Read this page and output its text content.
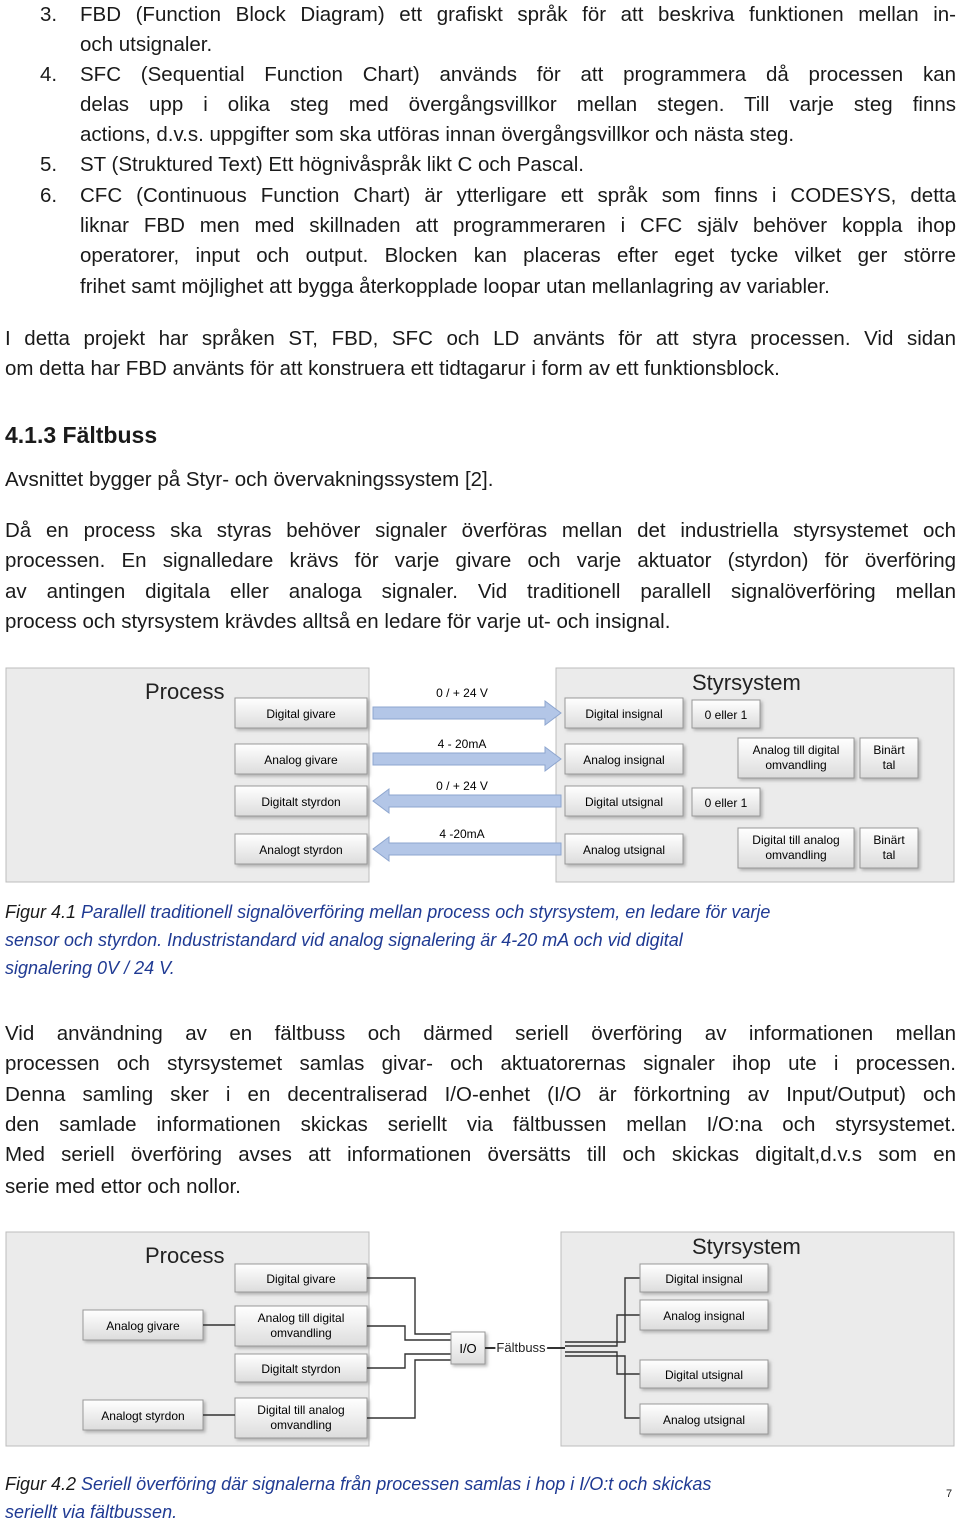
3. FBD (Function Block Diagram) ett grafiskt språk för att beskriva funktionen mellan in-
och utsignaler.
4. SFC (Sequential Function Chart) används för att programmera då processen kan
delas upp i olika steg med övergångsvillkor mellan stegen. Till varje steg finns
actions, d.v.s. uppgifter som ska utföras innan övergångsvillkor och nästa steg.
5. ST (Struktured Text) Ett högnivåspråk likt C och Pascal.
6. CFC (Continuous Function Chart) är ytterligare ett språk som finns i CODESYS, detta
liknar FBD men med skillnaden att programmeraren i CFC själv behöver koppla ihop
operatorer, input och output. Blocken kan placeras efter eget tycke vilket ger större
frihet samt möjlighet att bygga återkopplade loopar utan mellanlagring av variabler.
I detta projekt har språken ST, FBD, SFC och LD använts för att styra processen. Vid sidan
om detta har FBD använts för att konstruera ett tidtagarur i form av ett funktionsblock.
4.1.3 Fältbuss
Avsnittet bygger på Styr- och övervakningssystem [2].
Då en process ska styras behöver signaler överföras mellan det industriella styrsystemet och
processen. En signalledare krävs för varje givare och varje aktuator (styrdon) för överföring
av antingen digitala eller analoga signaler. Vid traditionell parallell signalöverföring mellan
process och styrsystem krävdes alltså en ledare för varje ut- och insignal.
Process	Styrsystem
Digital givare
Analog givare
Digitalt styrdon
Analogt styrdon
0 / + 24 V
4 - 20mA
0 / + 24 V
4 -20mA
Digital insignal
Analog insignal
Digital utsignal
Analog utsignal
0 eller 1
Analog till digital omvandling
0 eller 1
Digital till analog omvandling
Binärt tal
Binärt tal
Figur 4.1 Parallell traditionell signalöverföring mellan process och styrsystem, en ledare för varje
sensor och styrdon. Industristandard vid analog signalering är 4-20 mA och vid digital
signalering 0V / 24 V.
Vid användning av en fältbuss och därmed seriell överföring av informationen mellan
processen och styrsystemet samlas givar- och aktuatorernas signaler ihop ute i processen.
Denna samling sker i en decentraliserad I/O-enhet (I/O är förkortning av Input/Output) och
den samlade informationen skickas seriellt via fältbussen mellan I/O:na och styrsystemet.
Med seriell överföring avses att informationen översätts till och skickas digitalt,d.v.s som en
serie med ettor och nollor.
Process	Styrsystem
Digital givare
Analog givare
Digitalt styrdon
Analogt styrdon
Analog till digital omvandling
Digital till analog omvandling
I/O Fältbuss
Digital insignal
Analog insignal
Digital utsignal
Analog utsignal
Figur 4.2 Seriell överföring där signalerna från processen samlas i hop i I/O:t och skickas
seriellt via fältbussen.
7
